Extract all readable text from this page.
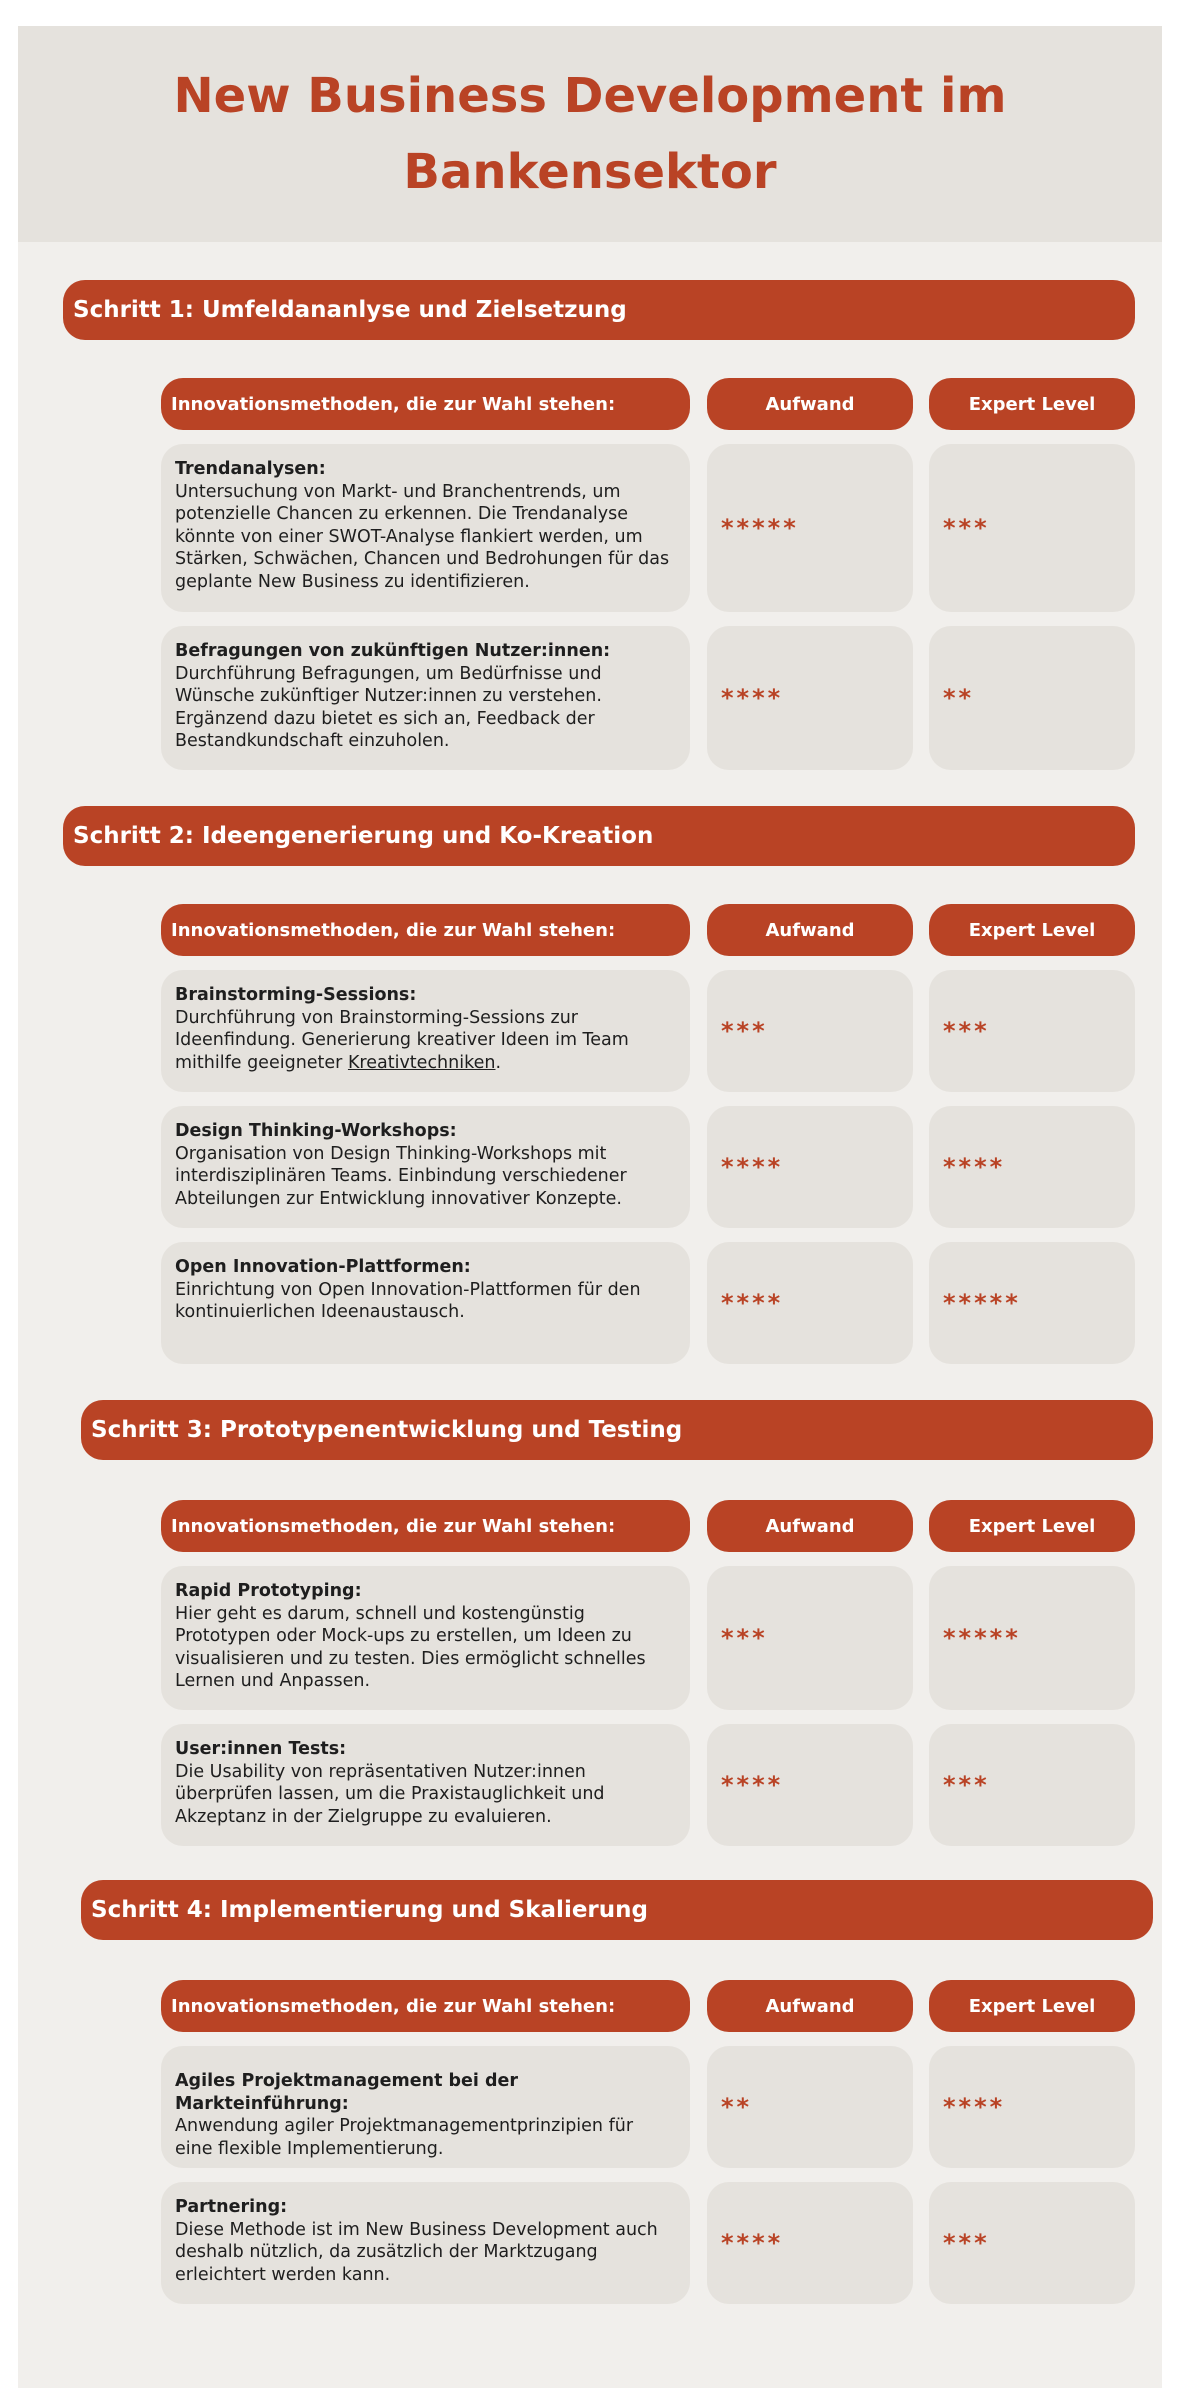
New Business Development im Bankensektor
Schritt 1: Umfeldananlyse und Zielsetzung
Innovationsmethoden, die zur Wahl stehen:	Aufwand	Expert Level
Trendanalysen:
Untersuchung von Markt- und Branchentrends, um potenzielle Chancen zu erkennen. Die Trendanalyse könnte von einer SWOT-Analyse flankiert werden, um Stärken, Schwächen, Chancen und Bedrohungen für das geplante New Business zu identifizieren.
*****	***
Befragungen von zukünftigen Nutzer:innen:
Durchführung Befragungen, um Bedürfnisse und Wünsche zukünftiger Nutzer:innen zu verstehen. Ergänzend dazu bietet es sich an, Feedback der Bestandkundschaft einzuholen.
****	**
Schritt 2: Ideengenerierung und Ko-Kreation
Innovationsmethoden, die zur Wahl stehen:	Aufwand	Expert Level
Brainstorming-Sessions:
Durchführung von Brainstorming-Sessions zur Ideenfindung. Generierung kreativer Ideen im Team mithilfe geeigneter Kreativtechniken.
***	***
Design Thinking-Workshops:
Organisation von Design Thinking-Workshops mit interdisziplinären Teams. Einbindung verschiedener Abteilungen zur Entwicklung innovativer Konzepte.
****	****
Open Innovation-Plattformen:
Einrichtung von Open Innovation-Plattformen für den kontinuierlichen Ideenaustausch.	****	*****
Schritt 3: Prototypenentwicklung und Testing
Innovationsmethoden, die zur Wahl stehen:	Aufwand	Expert Level
Rapid Prototyping:
Hier geht es darum, schnell und kostengünstig Prototypen oder Mock-ups zu erstellen, um Ideen zu visualisieren und zu testen. Dies ermöglicht schnelles Lernen und Anpassen.
***	*****
User:innen Tests:
Die Usability von repräsentativen Nutzer:innen überprüfen lassen, um die Praxistauglichkeit und Akzeptanz in der Zielgruppe zu evaluieren.
****	***
Schritt 4: Implementierung und Skalierung
Innovationsmethoden, die zur Wahl stehen:	Aufwand	Expert Level
Agiles Projektmanagement bei der Markteinführung:
Anwendung agiler Projektmanagementprinzipien für eine flexible Implementierung.
**	****
Partnering:
Diese Methode ist im New Business Development auch deshalb nützlich, da zusätzlich der Marktzugang erleichtert werden kann.
****	***
